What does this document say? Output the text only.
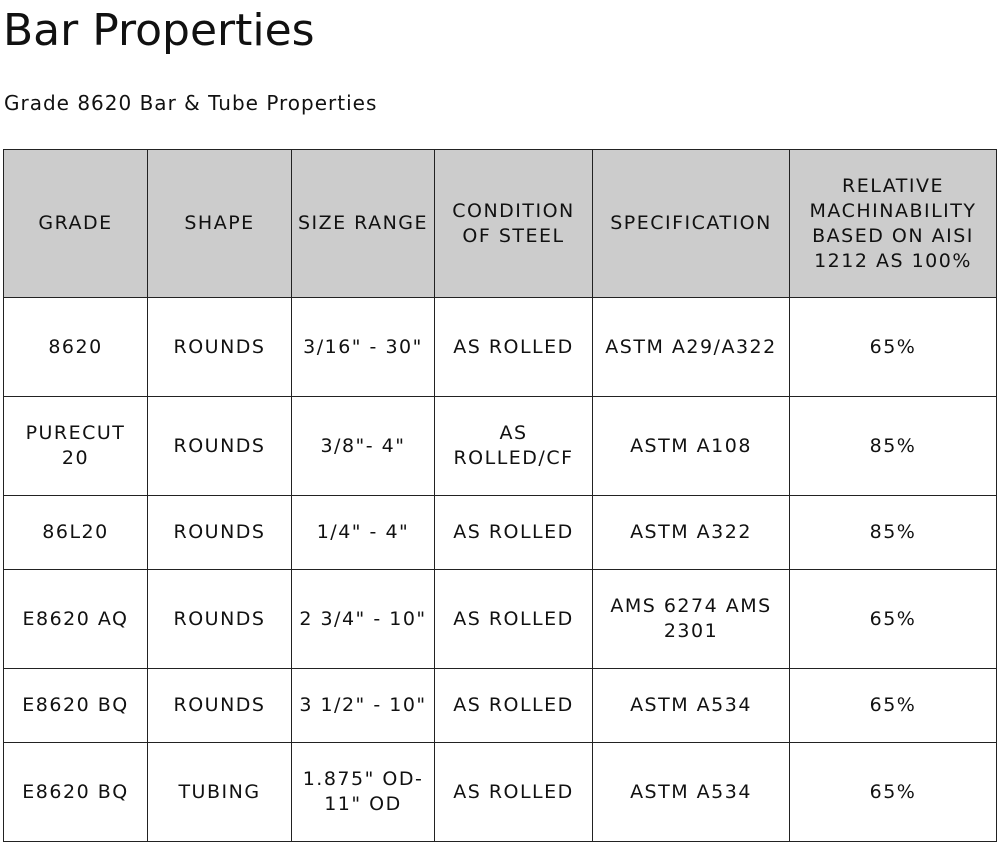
Bar Properties

Grade 8620 Bar & Tube Properties

GRADE	SHAPE	SIZE RANGE	CONDITION OF STEEL	SPECIFICATION	RELATIVE MACHINABILITY BASED ON AISI 1212 AS 100%
8620	ROUNDS	3/16" - 30"	AS ROLLED	ASTM A29/A322	65%
PURECUT 20	ROUNDS	3/8"- 4"	AS ROLLED/CF	ASTM A108	85%
86L20	ROUNDS	1/4" - 4"	AS ROLLED	ASTM A322	85%
E8620 AQ	ROUNDS	2 3/4" - 10"	AS ROLLED	AMS 6274 AMS 2301	65%
E8620 BQ	ROUNDS	3 1/2" - 10"	AS ROLLED	ASTM A534	65%
E8620 BQ	TUBING	1.875" OD- 11" OD	AS ROLLED	ASTM A534	65%
